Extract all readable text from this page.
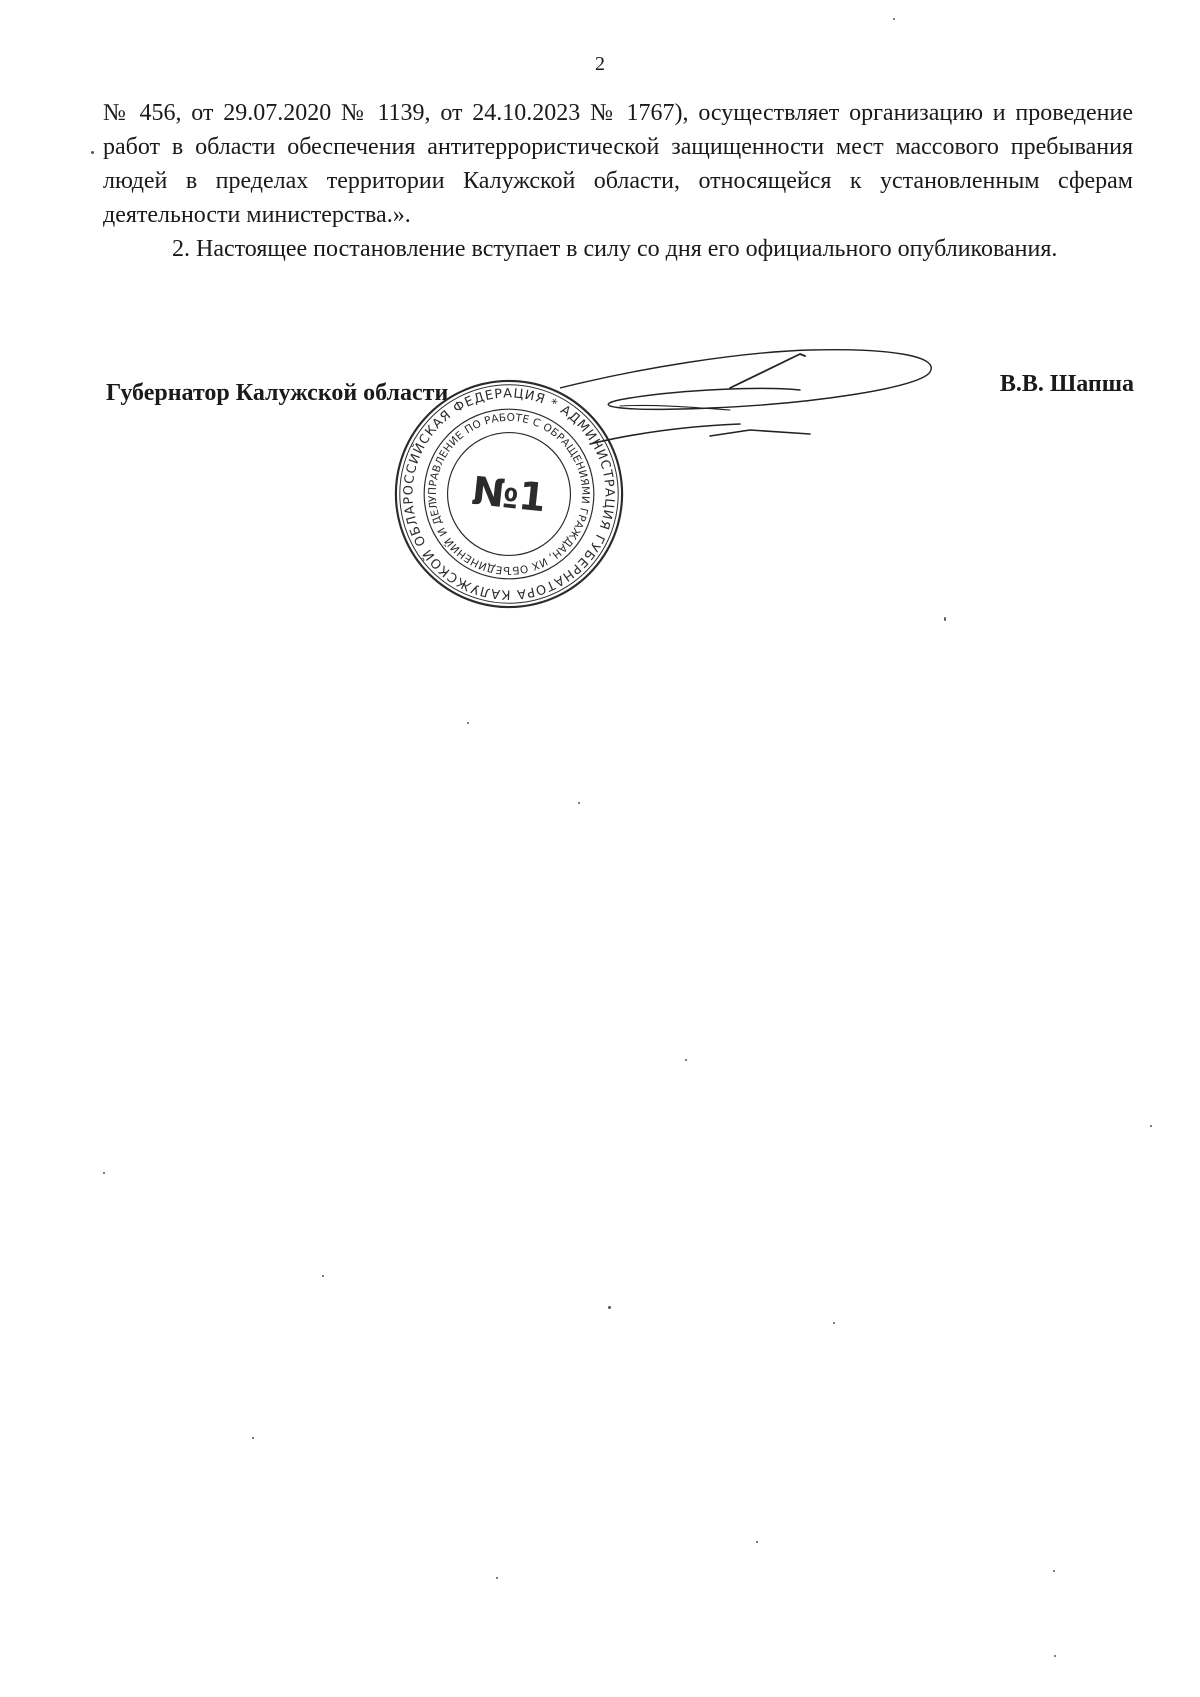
2

№ 456, от 29.07.2020 № 1139, от 24.10.2023 № 1767), осуществляет организацию и проведение работ в области обеспечения антитеррористической защищенности мест массового пребывания людей в пределах территории Калужской области, относящейся к установленным сферам деятельности министерства.».

2. Настоящее постановление вступает в силу со дня его официального опубликования.

Губернатор Калужской области	В.В. Шапша
РОССИЙСКАЯ ФЕДЕРАЦИЯ * АДМИНИСТРАЦИЯ ГУБЕРНАТОРА КАЛУЖСКОЙ ОБЛАСТИ
УПРАВЛЕНИЕ ПО РАБОТЕ С ОБРАЩЕНИЯМИ ГРАЖДАН, ИХ ОБЪЕДИНЕНИЙ И ДЕЛОПРОИЗВОДСТВУ
№1
